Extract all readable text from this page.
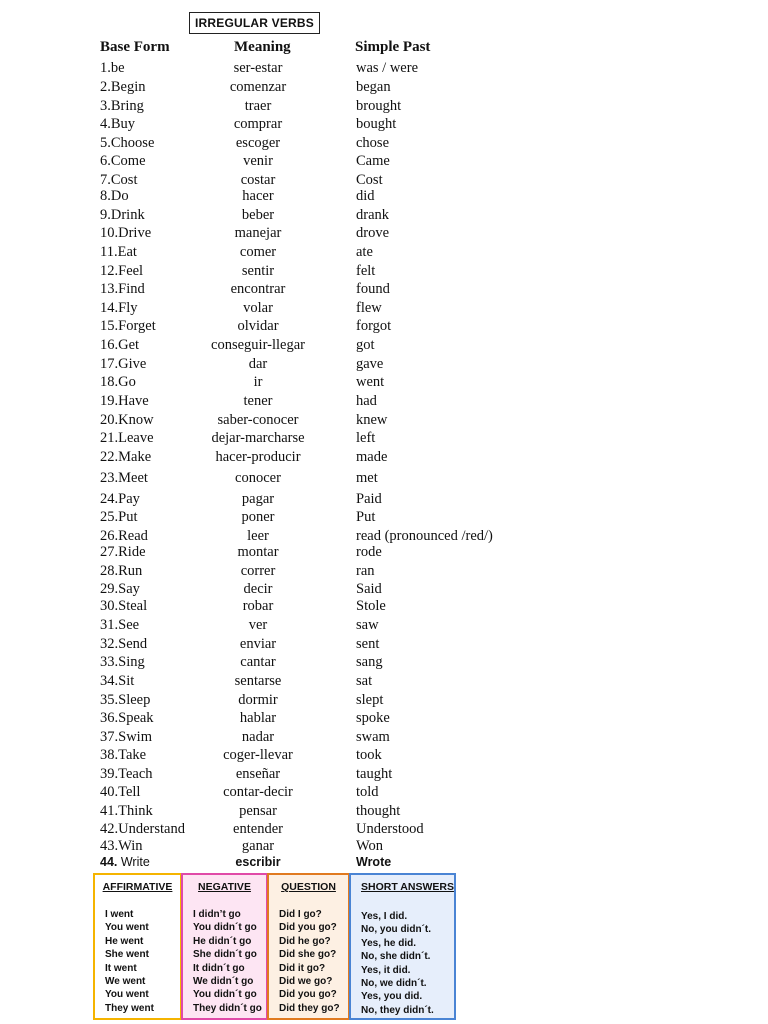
IRREGULAR VERBS
Base Form	Meaning	Simple Past
1.be	ser-estar	was / were
2.Begin	comenzar	began
3.Bring	traer	brought
4.Buy	comprar	bought
5.Choose	escoger	chose
6.Come	venir	Came
7.Cost	costar	Cost
8.Do	hacer	did
9.Drink	beber	drank
10.Drive	manejar	drove
11.Eat	comer	ate
12.Feel	sentir	felt
13.Find	encontrar	found
14.Fly	volar	flew
15.Forget	olvidar	forgot
16.Get	conseguir-llegar	got
17.Give	dar	gave
18.Go	ir	went
19.Have	tener	had
20.Know	saber-conocer	knew
21.Leave	dejar-marcharse	left
22.Make	hacer-producir	made
23.Meet	conocer	met
24.Pay	pagar	Paid
25.Put	poner	Put
26.Read	leer	read (pronounced /red/)
27.Ride	montar	rode
28.Run	correr	ran
29.Say	decir	Said
30.Steal	robar	Stole
31.See	ver	saw
32.Send	enviar	sent
33.Sing	cantar	sang
34.Sit	sentarse	sat
35.Sleep	dormir	slept
36.Speak	hablar	spoke
37.Swim	nadar	swam
38.Take	coger-llevar	took
39.Teach	enseñar	taught
40.Tell	contar-decir	told
41.Think	pensar	thought
42.Understand	entender	Understood
43.Win	ganar	Won
44. Write	escribir	Wrote
AFFIRMATIVE
I went
You went
He went
She went
It went
We went
You went
They went
NEGATIVE
I didn’t go
You didn´t go
He didn´t go
She didn´t go
It didn´t go
We didn´t go
You didn´t go
They didn´t go
QUESTION
Did I go?
Did you go?
Did he go?
Did she go?
Did it go?
Did we go?
Did you go?
Did they go?
SHORT ANSWERS
Yes, I did.
No, you didn´t.
Yes, he did.
No, she didn´t.
Yes, it did.
No, we didn´t.
Yes, you did.
No, they didn´t.
